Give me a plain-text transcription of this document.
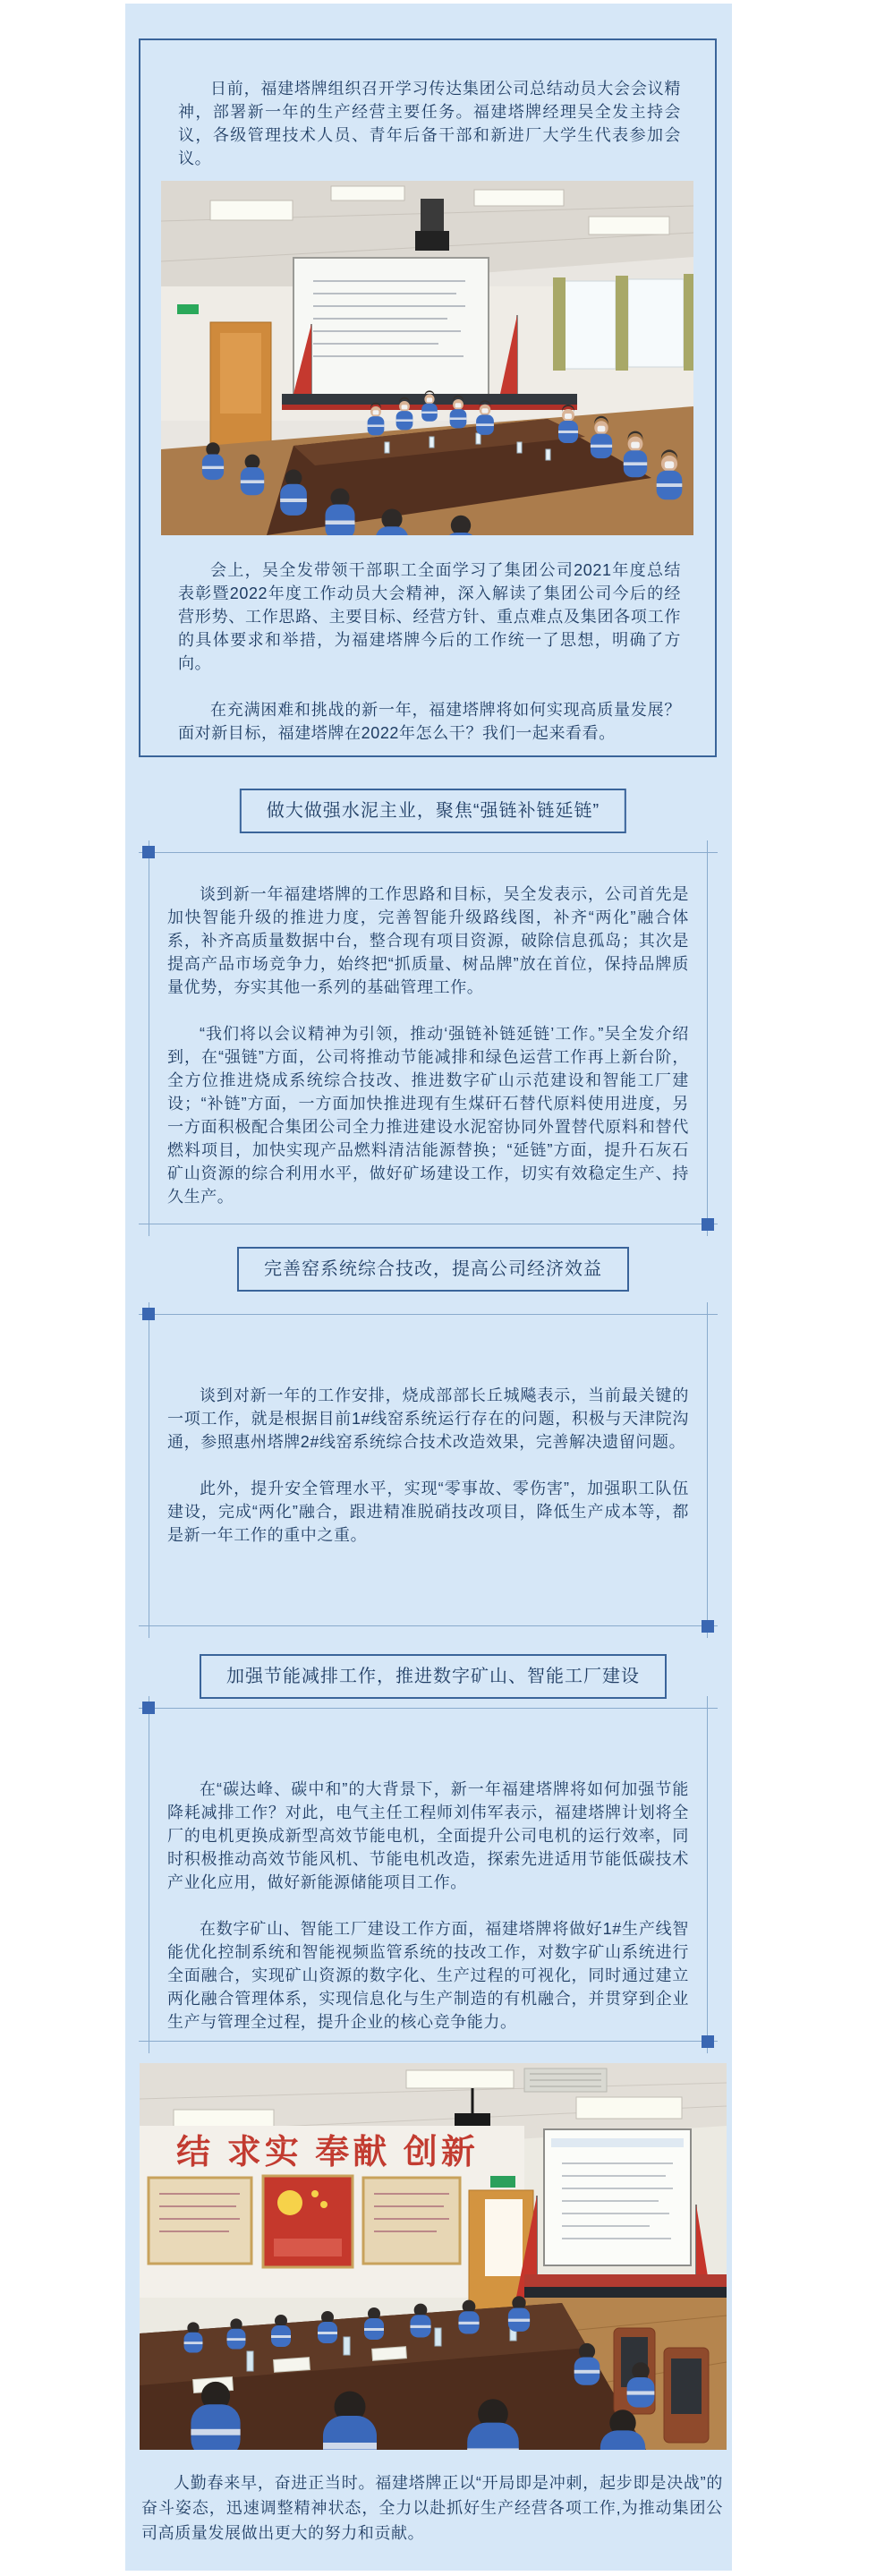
日前，福建塔牌组织召开学习传达集团公司总结动员大会会议精神，部署新一年的生产经营主要任务。福建塔牌经理吴全发主持会议，各级管理技术人员、青年后备干部和新进厂大学生代表参加会议。

会上，吴全发带领干部职工全面学习了集团公司2021年度总结表彰暨2022年度工作动员大会精神，深入解读了集团公司今后的经营形势、工作思路、主要目标、经营方针、重点难点及集团各项工作的具体要求和举措，为福建塔牌今后的工作统一了思想，明确了方向。

在充满困难和挑战的新一年，福建塔牌将如何实现高质量发展？面对新目标，福建塔牌在2022年怎么干？我们一起来看看。

做大做强水泥主业，聚焦“强链补链延链”

谈到新一年福建塔牌的工作思路和目标，吴全发表示，公司首先是加快智能升级的推进力度，完善智能升级路线图，补齐“两化”融合体系，补齐高质量数据中台，整合现有项目资源，破除信息孤岛；其次是提高产品市场竞争力，始终把“抓质量、树品牌”放在首位，保持品牌质量优势，夯实其他一系列的基础管理工作。

“我们将以会议精神为引领，推动‘强链补链延链’工作。”吴全发介绍到，在“强链”方面，公司将推动节能减排和绿色运营工作再上新台阶，全方位推进烧成系统综合技改、推进数字矿山示范建设和智能工厂建设；“补链”方面，一方面加快推进现有生煤矸石替代原料使用进度，另一方面积极配合集团公司全力推进建设水泥窑协同外置替代原料和替代燃料项目，加快实现产品燃料清洁能源替换；“延链”方面，提升石灰石矿山资源的综合利用水平，做好矿场建设工作，切实有效稳定生产、持久生产。

完善窑系统综合技改，提高公司经济效益

谈到对新一年的工作安排，烧成部部长丘城飚表示，当前最关键的一项工作，就是根据目前1#线窑系统运行存在的问题，积极与天津院沟通，参照惠州塔牌2#线窑系统综合技术改造效果，完善解决遗留问题。

此外，提升安全管理水平，实现“零事故、零伤害”，加强职工队伍建设，完成“两化”融合，跟进精准脱硝技改项目，降低生产成本等，都是新一年工作的重中之重。

加强节能减排工作，推进数字矿山、智能工厂建设

在“碳达峰、碳中和”的大背景下，新一年福建塔牌将如何加强节能降耗减排工作？对此，电气主任工程师刘伟军表示，福建塔牌计划将全厂的电机更换成新型高效节能电机，全面提升公司电机的运行效率，同时积极推动高效节能风机、节能电机改造，探索先进适用节能低碳技术产业化应用，做好新能源储能项目工作。

在数字矿山、智能工厂建设工作方面，福建塔牌将做好1#生产线智能优化控制系统和智能视频监管系统的技改工作，对数字矿山系统进行全面融合，实现矿山资源的数字化、生产过程的可视化，同时通过建立两化融合管理体系，实现信息化与生产制造的有机融合，并贯穿到企业生产与管理全过程，提升企业的核心竞争能力。

结 求实 奉献 创新

人勤春来早，奋进正当时。福建塔牌正以“开局即是冲刺，起步即是决战”的奋斗姿态，迅速调整精神状态，全力以赴抓好生产经营各项工作,为推动集团公司高质量发展做出更大的努力和贡献。
